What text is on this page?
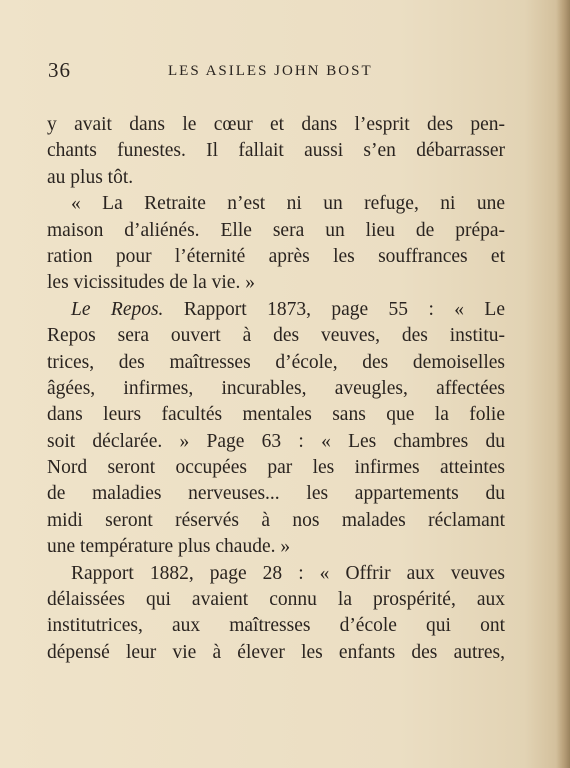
36	LES ASILES JOHN BOST
y avait dans le cœur et dans l’esprit des pen-
chants funestes. Il fallait aussi s’en débarrasser
au plus tôt.
« La Retraite n’est ni un refuge, ni une
maison d’aliénés. Elle sera un lieu de prépa-
ration pour l’éternité après les souffrances et
les vicissitudes de la vie. »
Le Repos. Rapport 1873, page 55 : « Le
Repos sera ouvert à des veuves, des institu-
trices, des maîtresses d’école, des demoiselles
âgées, infirmes, incurables, aveugles, affectées
dans leurs facultés mentales sans que la folie
soit déclarée. » Page 63 : « Les chambres du
Nord seront occupées par les infirmes atteintes
de maladies nerveuses... les appartements du
midi seront réservés à nos malades réclamant
une température plus chaude. »
Rapport 1882, page 28 : « Offrir aux veuves
délaissées qui avaient connu la prospérité, aux
institutrices, aux maîtresses d’école qui ont
dépensé leur vie à élever les enfants des autres,
